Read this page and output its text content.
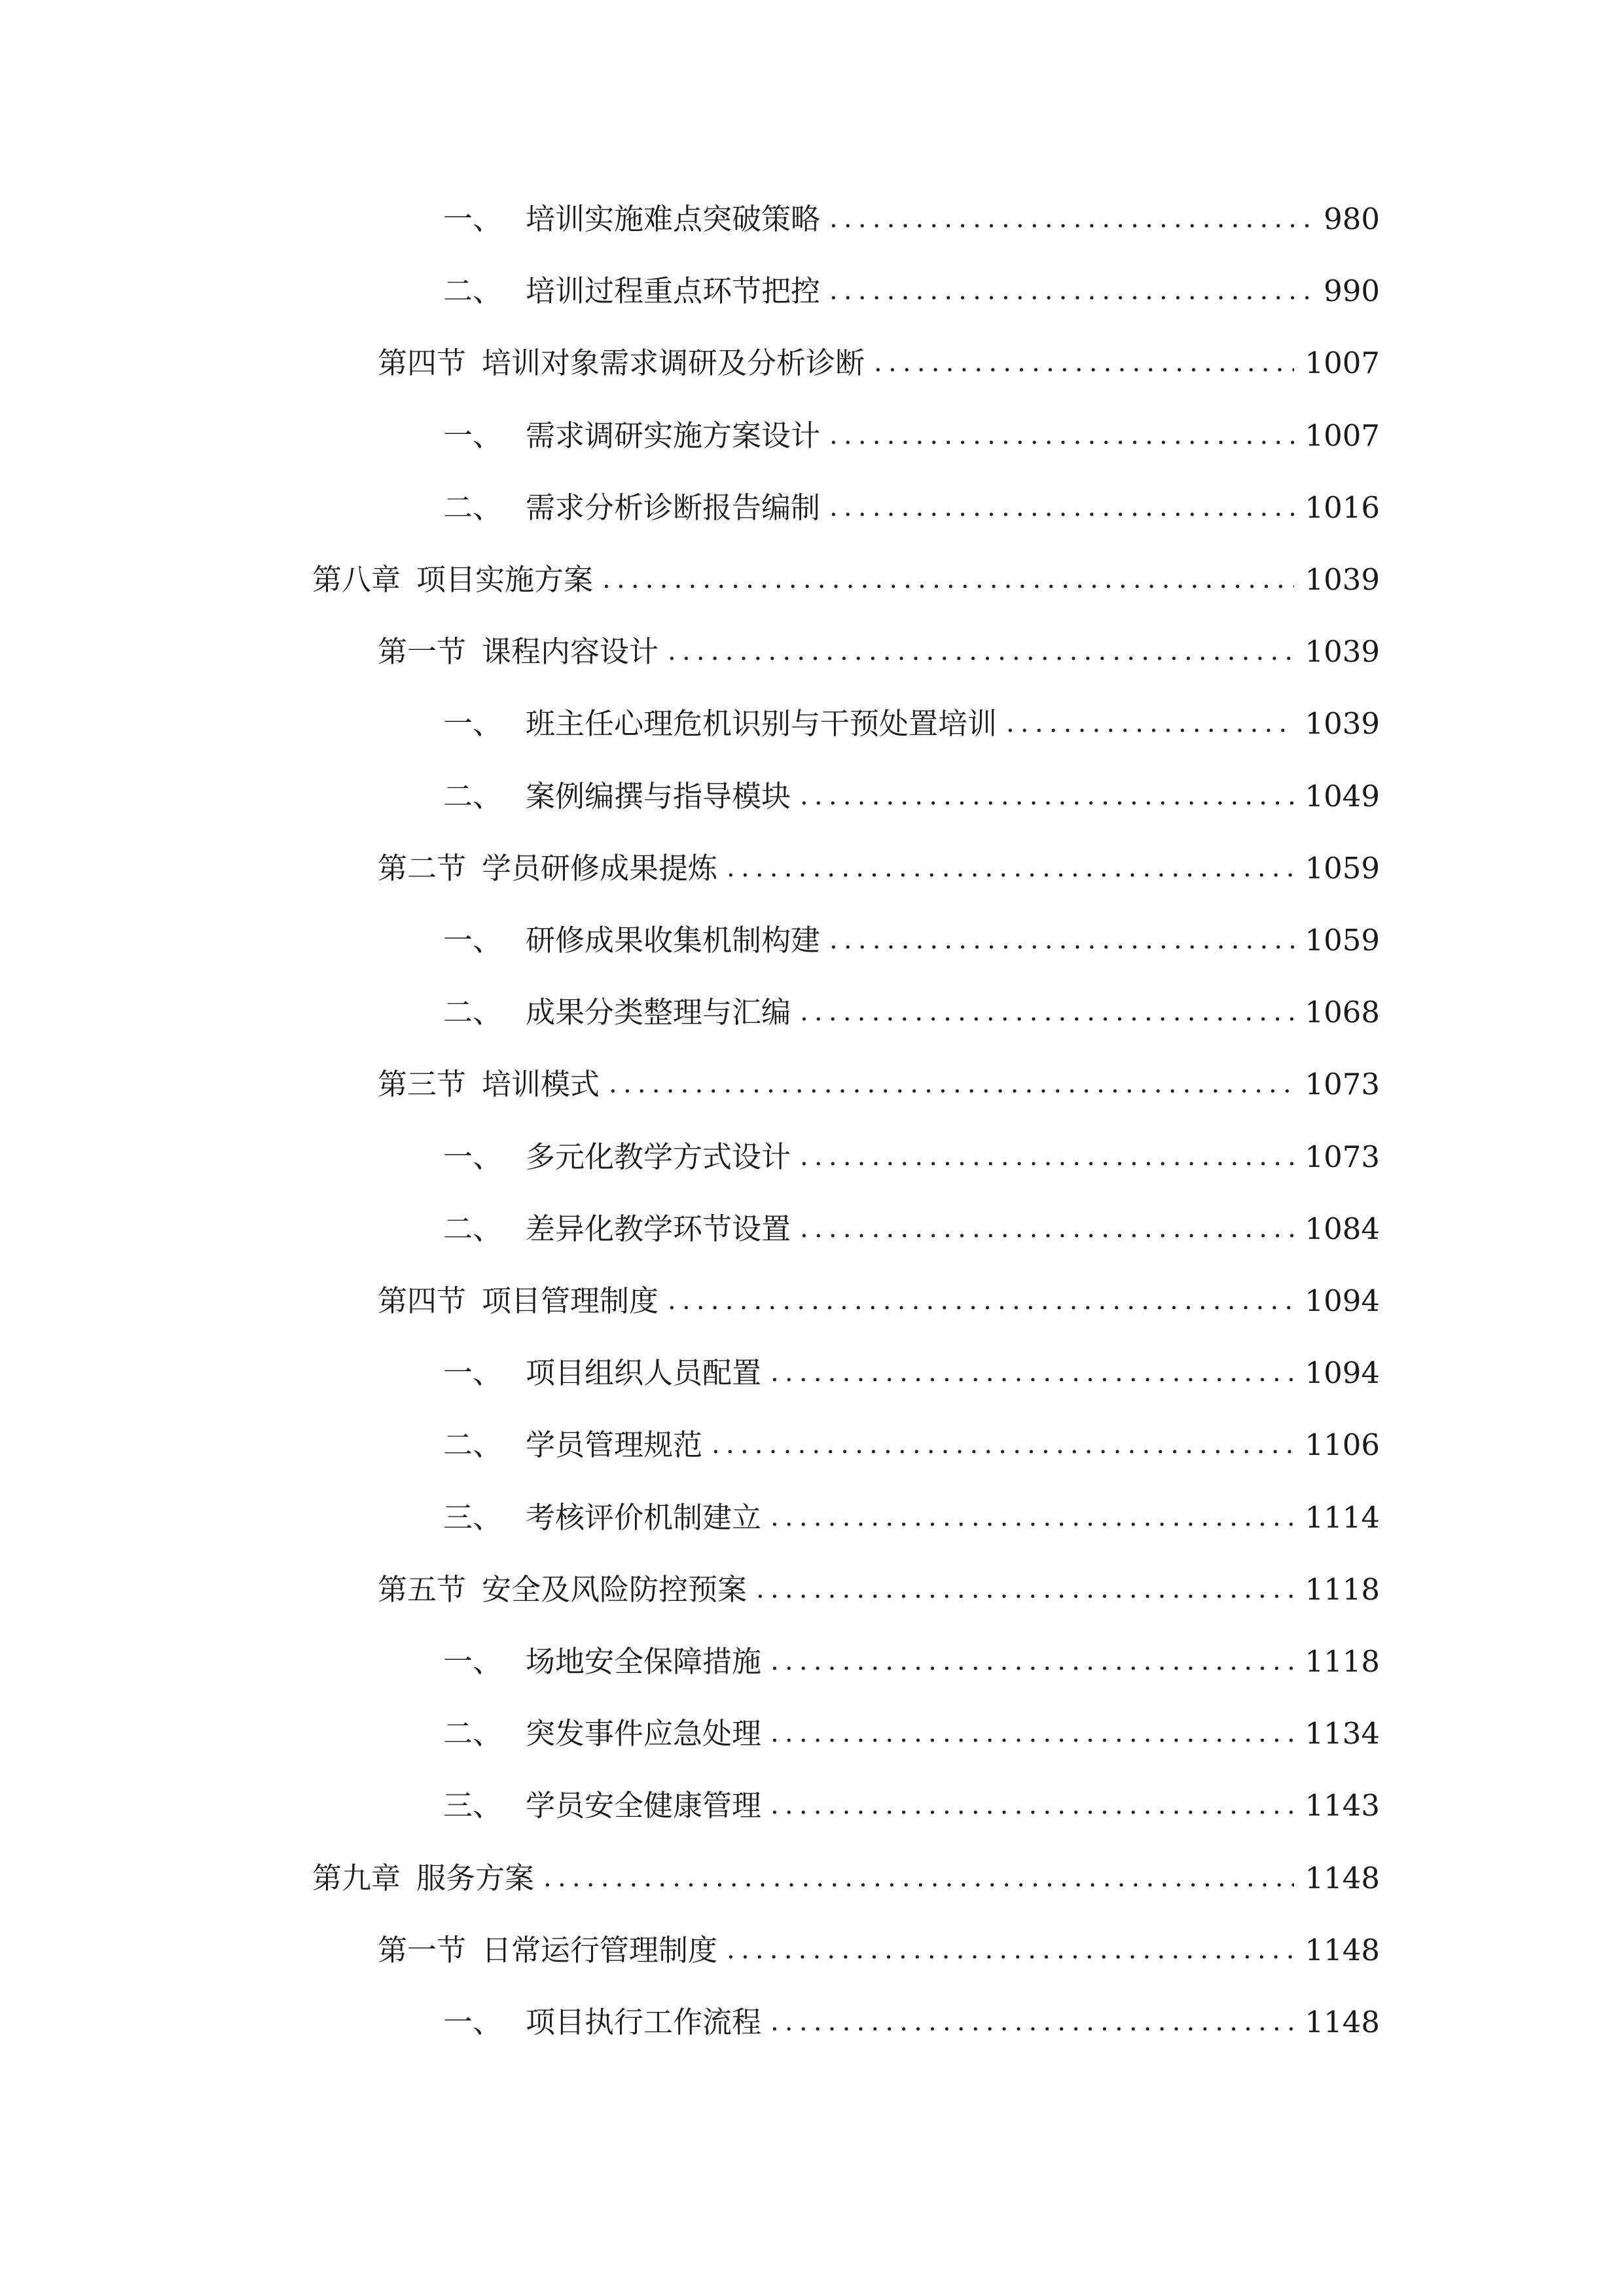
一、 培训实施难点突破策略 .....	980
二、 培训过程重点环节把控 .....	990
第四节 培训对象需求调研及分析诊断 .....	1007
一、 需求调研实施方案设计 .....	1007
二、 需求分析诊断报告编制 .....	1016
第八章 项目实施方案 .....	1039
第一节 课程内容设计 .....	1039
一、 班主任心理危机识别与干预处置培训 .....	1039
二、 案例编撰与指导模块 .....	1049
第二节 学员研修成果提炼 .....	1059
一、 研修成果收集机制构建 .....	1059
二、 成果分类整理与汇编 .....	1068
第三节 培训模式 .....	1073
一、 多元化教学方式设计 .....	1073
二、 差异化教学环节设置 .....	1084
第四节 项目管理制度 .....	1094
一、 项目组织人员配置 .....	1094
二、 学员管理规范 .....	1106
三、 考核评价机制建立 .....	1114
第五节 安全及风险防控预案 .....	1118
一、 场地安全保障措施 .....	1118
二、 突发事件应急处理 .....	1134
三、 学员安全健康管理 .....	1143
第九章 服务方案 .....	1148
第一节 日常运行管理制度 .....	1148
一、 项目执行工作流程 .....	1148
